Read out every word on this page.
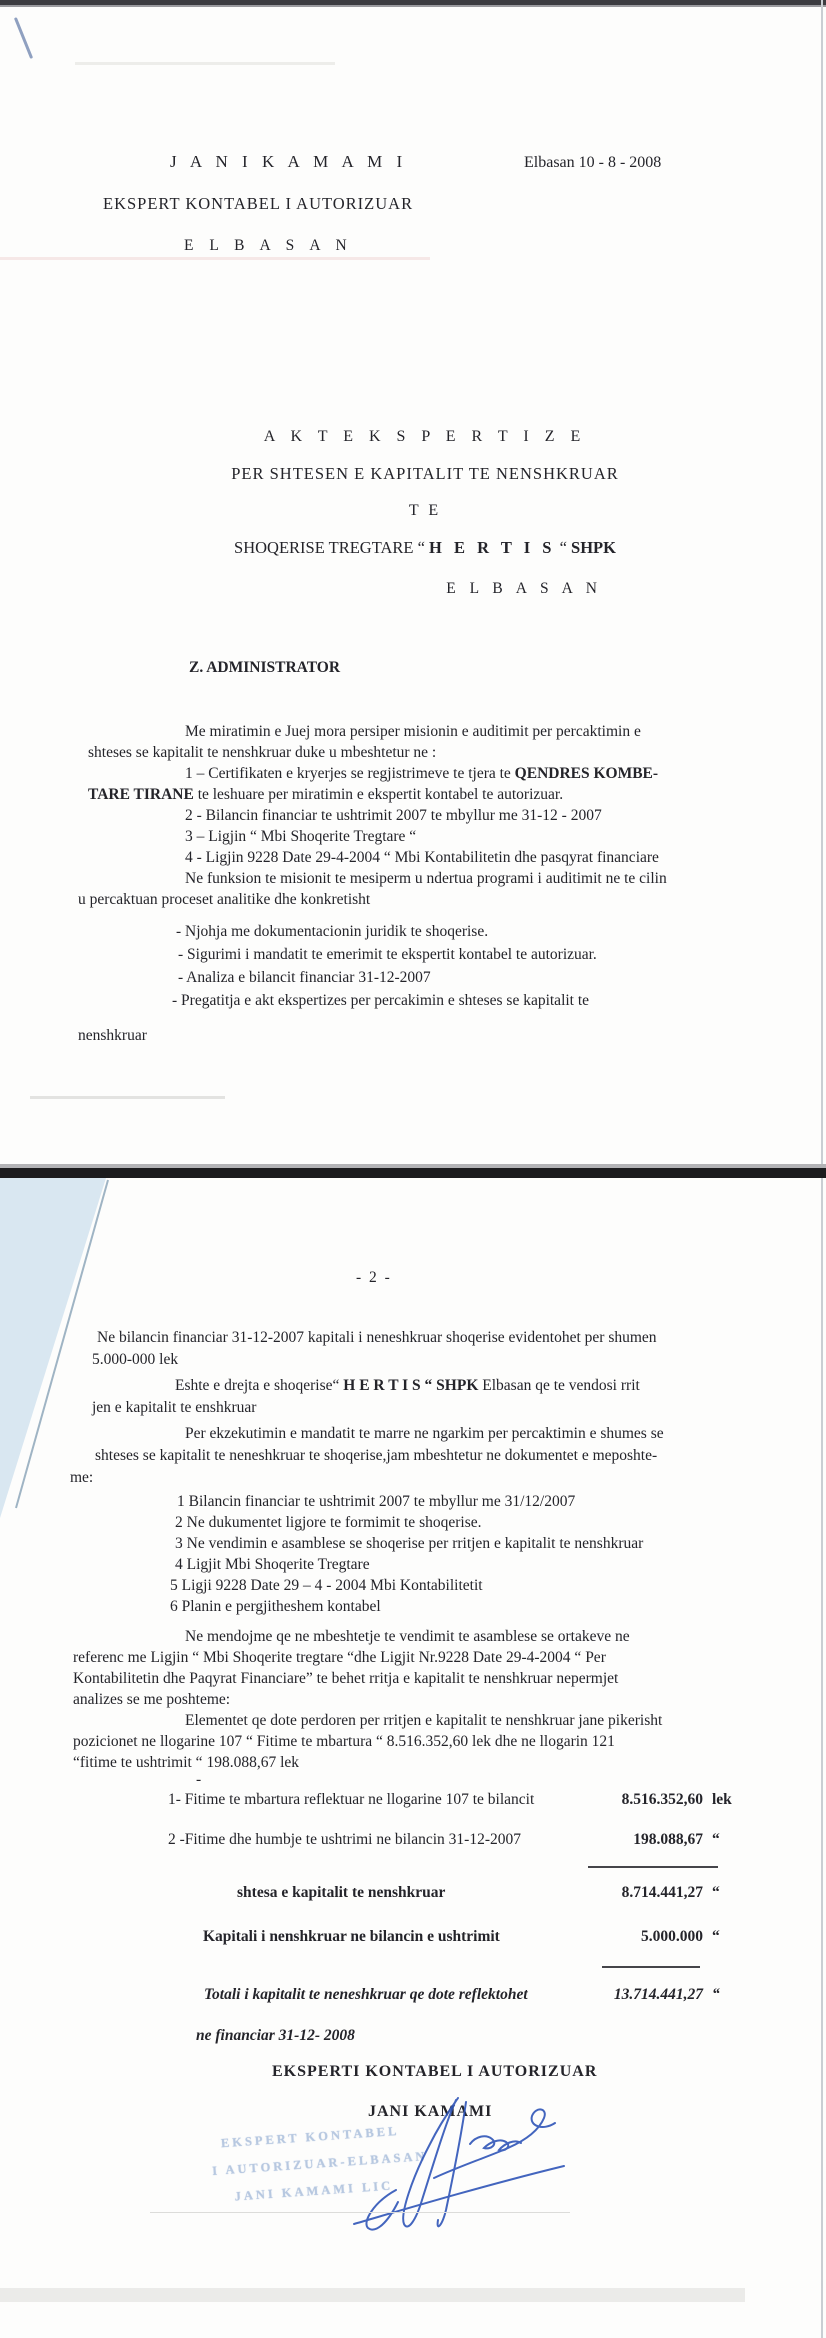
J A N I K A M A M I	Elbasan 10 - 8 - 2008
EKSPERT KONTABEL I AUTORIZUAR
E L B A S A N
A K T E K S P E R T I Z E
PER SHTESEN E KAPITALIT TE NENSHKRUAR
T E
SHOQERISE TREGTARE “ H E R T I S “ SHPK
E L B A S A N
Z. ADMINISTRATOR
Me miratimin e Juej mora persiper misionin e auditimit per percaktimin e
shteses se kapitalit te nenshkruar duke u mbeshtetur ne :
1 – Certifikaten e kryerjes se regjistrimeve te tjera te QENDRES KOMBE-
TARE TIRANE te leshuare per miratimin e ekspertit kontabel te autorizuar.
2 - Bilancin financiar te ushtrimit 2007 te mbyllur me 31-12 - 2007
3 – Ligjin “ Mbi Shoqerite Tregtare “
4 - Ligjin 9228 Date 29-4-2004 “ Mbi Kontabilitetin dhe pasqyrat financiare
Ne funksion te misionit te mesiperm u ndertua programi i auditimit ne te cilin
u percaktuan proceset analitike dhe konkretisht
- Njohja me dokumentacionin juridik te shoqerise.
- Sigurimi i mandatit te emerimit te ekspertit kontabel te autorizuar.
- Analiza e bilancit financiar 31-12-2007
- Pregatitja e akt ekspertizes per percakimin e shteses se kapitalit te
nenshkruar
- 2 -
Ne bilancin financiar 31-12-2007 kapitali i neneshkruar shoqerise evidentohet per shumen
5.000-000 lek
Eshte e drejta e shoqerise“ H E R T I S “ SHPK Elbasan qe te vendosi rrit
jen e kapitalit te enshkruar
Per ekzekutimin e mandatit te marre ne ngarkim per percaktimin e shumes se
shteses se kapitalit te neneshkruar te shoqerise,jam mbeshtetur ne dokumentet e meposhte-
me:
1 Bilancin financiar te ushtrimit 2007 te mbyllur me 31/12/2007
2 Ne dukumentet ligjore te formimit te shoqerise.
3 Ne vendimin e asamblese se shoqerise per rritjen e kapitalit te nenshkruar
4 Ligjit Mbi Shoqerite Tregtare
5 Ligji 9228 Date 29 – 4 - 2004 Mbi Kontabilitetit
6 Planin e pergjitheshem kontabel
Ne mendojme qe ne mbeshtetje te vendimit te asamblese se ortakeve ne
referenc me Ligjin “ Mbi Shoqerite tregtare “dhe Ligjit Nr.9228 Date 29-4-2004 “ Per
Kontabilitetin dhe Paqyrat Financiare” te behet rritja e kapitalit te nenshkruar nepermjet
analizes se me poshteme:
Elementet qe dote perdoren per rritjen e kapitalit te nenshkruar jane pikerisht
pozicionet ne llogarine 107 “ Fitime te mbartura “ 8.516.352,60 lek dhe ne llogarin 121
“fitime te ushtrimit “ 198.088,67 lek
-
1- Fitime te mbartura reflektuar ne llogarine 107 te bilancit	8.516.352,60 lek
2 -Fitime dhe humbje te ushtrimi ne bilancin 31-12-2007	198.088,67 “
shtesa e kapitalit te nenshkruar	8.714.441,27 “
Kapitali i nenshkruar ne bilancin e ushtrimit	5.000.000 “
Totali i kapitalit te neneshkruar qe dote reflektohet	13.714.441,27 “
ne financiar 31-12- 2008
EKSPERTI KONTABEL I AUTORIZUAR
JANI KAMAMI
EKSPERT KONTABEL
I AUTORIZUAR-ELBASAN
JANI KAMAMI LIC
